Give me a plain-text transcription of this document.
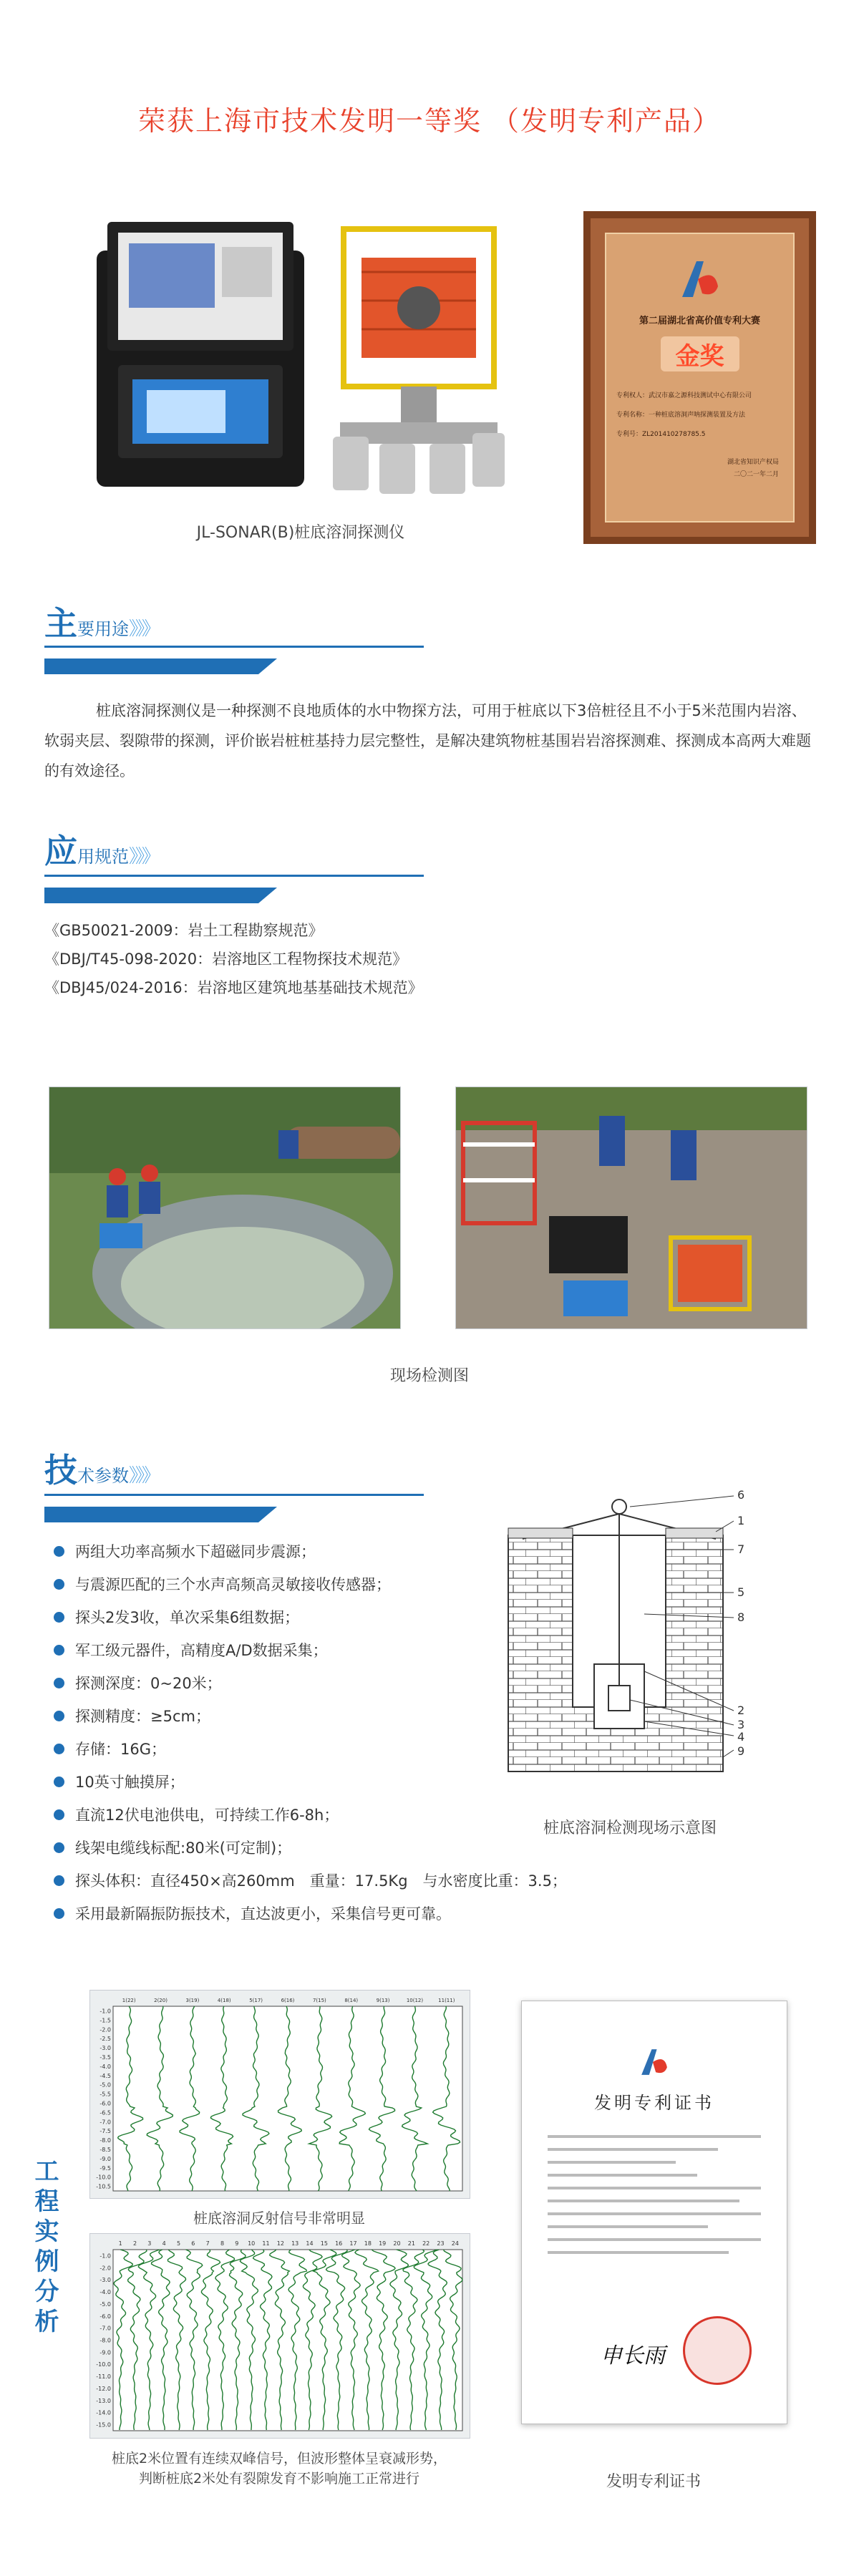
荣获上海市技术发明一等奖 （发明专利产品）
JL-SONAR(B)桩底溶洞探测仪
第二届湖北省高价值专利大赛
金奖
专利权人：武汉市嘉之源科技测试中心有限公司
专利名称：一种桩底溶洞声呐探测装置及方法
专利号：ZL201410278785.5
湖北省知识产权局
二〇二一年二月
主要用途》》》
桩底溶洞探测仪是一种探测不良地质体的水中物探方法，可用于桩底以下3倍桩径且不小于5米范围内岩溶、软弱夹层、裂隙带的探测，评价嵌岩桩桩基持力层完整性，是解决建筑物桩基围岩岩溶探测难、探测成本高两大难题的有效途径。
应用规范》》》
《GB50021-2009：岩土工程勘察规范》
《DBJ/T45-098-2020：岩溶地区工程物探技术规范》
《DBJ45/024-2016：岩溶地区建筑地基基础技术规范》
现场检测图
技术参数》》》
两组大功率高频水下超磁同步震源；
与震源匹配的三个水声高频高灵敏接收传感器；
探头2发3收，单次采集6组数据；
军工级元器件，高精度A/D数据采集；
探测深度：0~20米；
探测精度：≥5cm；
存储：16G；
10英寸触摸屏；
直流12伏电池供电，可持续工作6-8h；
线架电缆线标配:80米(可定制)；
探头体积：直径450×高260mm　重量：17.5Kg　与水密度比重：3.5；
采用最新隔振防振技术，直达波更小，采集信号更可靠。
6
1
7
5
8
2
3
4
9
桩底溶洞检测现场示意图
工程实例分析
1(22)	2(20)	3(19)	4(18)	5(17)	6(16)	7(15)	8(14)	9(13)	10(12)	11(11)
-1.0
-1.5
-2.0
-2.5
-3.0
-3.5
-4.0
-4.5
-5.0
-5.5
-6.0
-6.5
-7.0
-7.5
-8.0
-8.5
-9.0
-9.5
-10.0
-10.5
桩底溶洞反射信号非常明显
1 2 3 4 5 6 7 8 9 10 11 12 13 14 15 16 17 18 19 20 21 22 23 24
-1.0
-2.0
-3.0
-4.0
-5.0
-6.0
-7.0
-8.0
-9.0
-10.0
-11.0
-12.0
-13.0
-14.0
-15.0
桩底2米位置有连续双峰信号，但波形整体呈衰减形势，
判断桩底2米处有裂隙发育不影响施工正常进行
发明专利证书
申长雨
发明专利证书
